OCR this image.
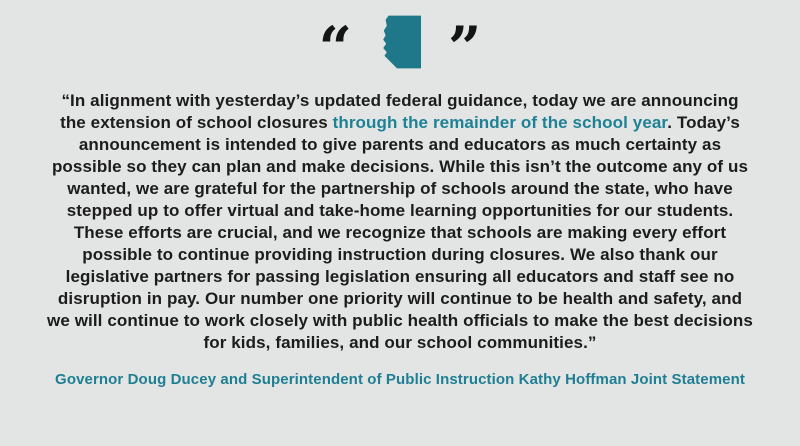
“ ”
“In alignment with yesterday’s updated federal guidance, today we are announcing the extension of school closures through the remainder of the school year. Today’s announcement is intended to give parents and educators as much certainty as possible so they can plan and make decisions. While this isn’t the outcome any of us wanted, we are grateful for the partnership of schools around the state, who have stepped up to offer virtual and take-home learning opportunities for our students. These efforts are crucial, and we recognize that schools are making every effort possible to continue providing instruction during closures. We also thank our legislative partners for passing legislation ensuring all educators and staff see no disruption in pay. Our number one priority will continue to be health and safety, and we will continue to work closely with public health officials to make the best decisions for kids, families, and our school communities.”
Governor Doug Ducey and Superintendent of Public Instruction Kathy Hoffman Joint Statement
